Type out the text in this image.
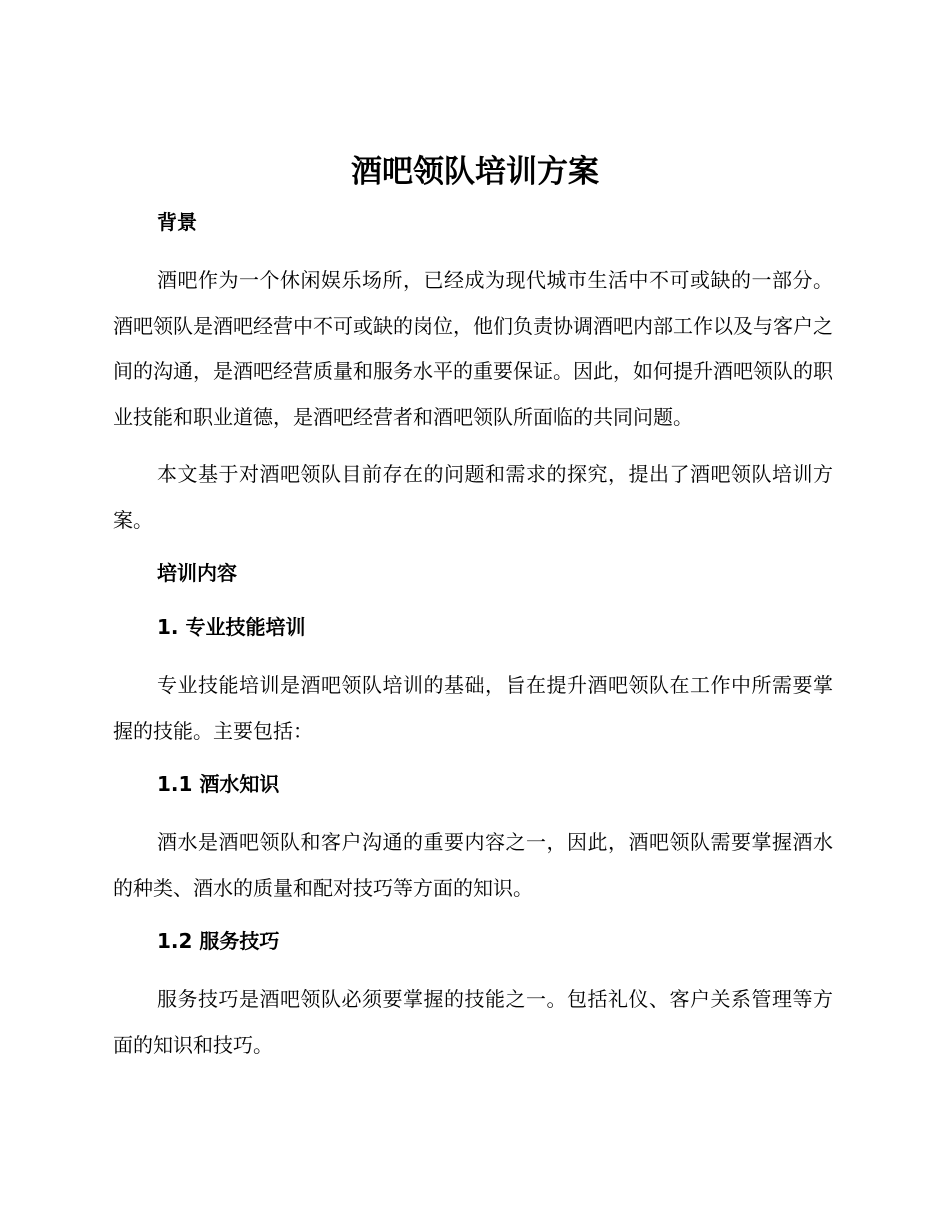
酒吧领队培训方案

背景

酒吧作为一个休闲娱乐场所，已经成为现代城市生活中不可或缺的一部分。酒吧领队是酒吧经营中不可或缺的岗位，他们负责协调酒吧内部工作以及与客户之间的沟通，是酒吧经营质量和服务水平的重要保证。因此，如何提升酒吧领队的职业技能和职业道德，是酒吧经营者和酒吧领队所面临的共同问题。

本文基于对酒吧领队目前存在的问题和需求的探究，提出了酒吧领队培训方案。

培训内容

1. 专业技能培训

专业技能培训是酒吧领队培训的基础，旨在提升酒吧领队在工作中所需要掌握的技能。主要包括：

1.1 酒水知识

酒水是酒吧领队和客户沟通的重要内容之一，因此，酒吧领队需要掌握酒水的种类、酒水的质量和配对技巧等方面的知识。

1.2 服务技巧

服务技巧是酒吧领队必须要掌握的技能之一。包括礼仪、客户关系管理等方面的知识和技巧。
